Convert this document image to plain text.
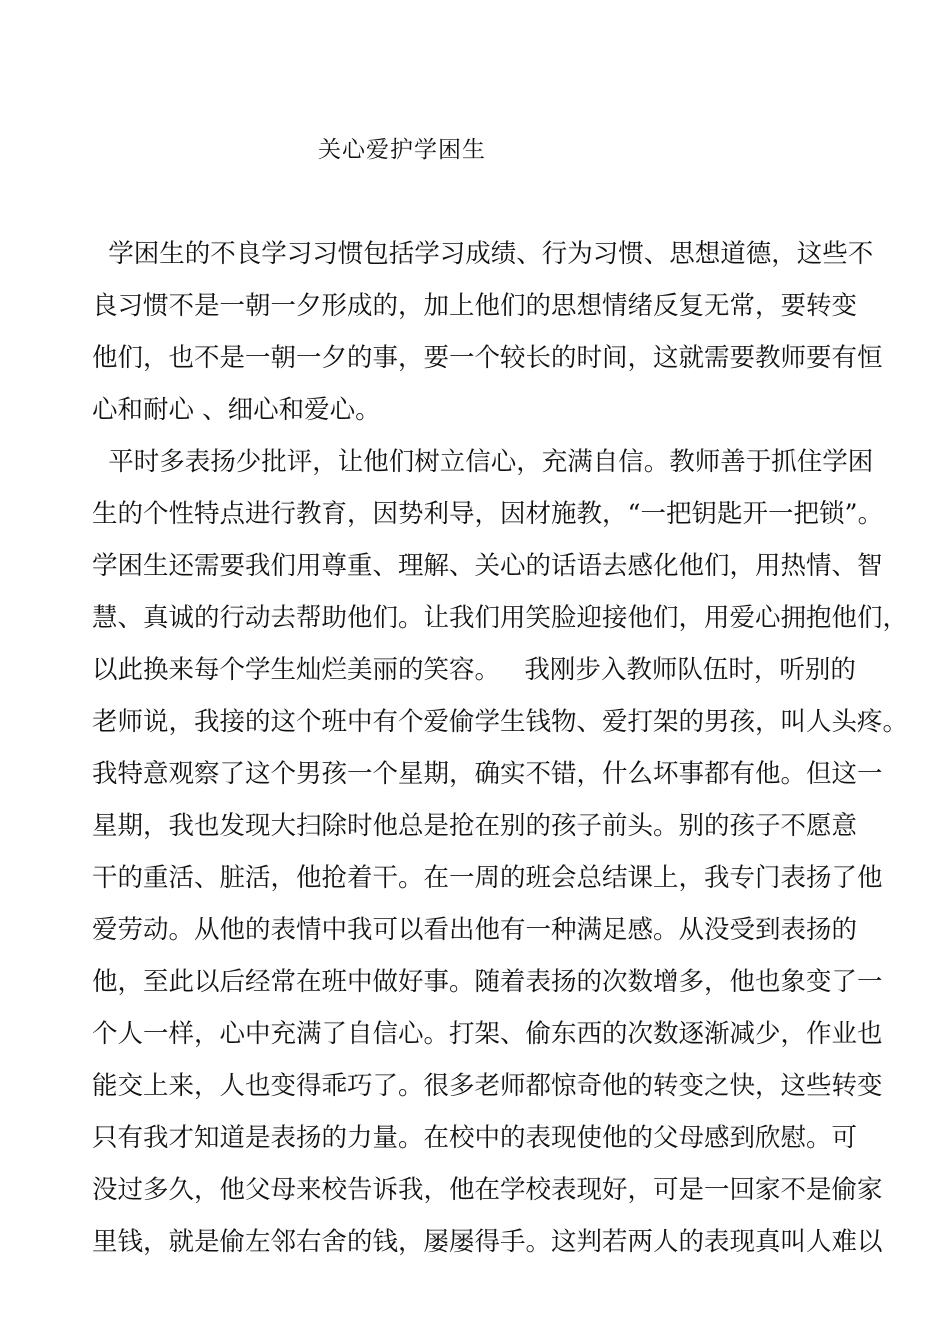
关心爱护学困生
学困生的不良学习习惯包括学习成绩、行为习惯、思想道德，这些不
良习惯不是一朝一夕形成的，加上他们的思想情绪反复无常，要转变
他们，也不是一朝一夕的事，要一个较长的时间，这就需要教师要有恒
心和耐心 、细心和爱心。
平时多表扬少批评，让他们树立信心，充满自信。教师善于抓住学困
生的个性特点进行教育，因势利导，因材施教，“一把钥匙开一把锁”。
学困生还需要我们用尊重、理解、关心的话语去感化他们，用热情、智
慧、真诚的行动去帮助他们。让我们用笑脸迎接他们，用爱心拥抱他们，
以此换来每个学生灿烂美丽的笑容。   我刚步入教师队伍时，听别的
老师说，我接的这个班中有个爱偷学生钱物、爱打架的男孩，叫人头疼。
我特意观察了这个男孩一个星期，确实不错，什么坏事都有他。但这一
星期，我也发现大扫除时他总是抢在别的孩子前头。别的孩子不愿意
干的重活、脏活，他抢着干。在一周的班会总结课上，我专门表扬了他
爱劳动。从他的表情中我可以看出他有一种满足感。从没受到表扬的
他，至此以后经常在班中做好事。随着表扬的次数增多，他也象变了一
个人一样，心中充满了自信心。打架、偷东西的次数逐渐减少，作业也
能交上来，人也变得乖巧了。很多老师都惊奇他的转变之快，这些转变
只有我才知道是表扬的力量。在校中的表现使他的父母感到欣慰。可
没过多久，他父母来校告诉我，他在学校表现好，可是一回家不是偷家
里钱，就是偷左邻右舍的钱，屡屡得手。这判若两人的表现真叫人难以
